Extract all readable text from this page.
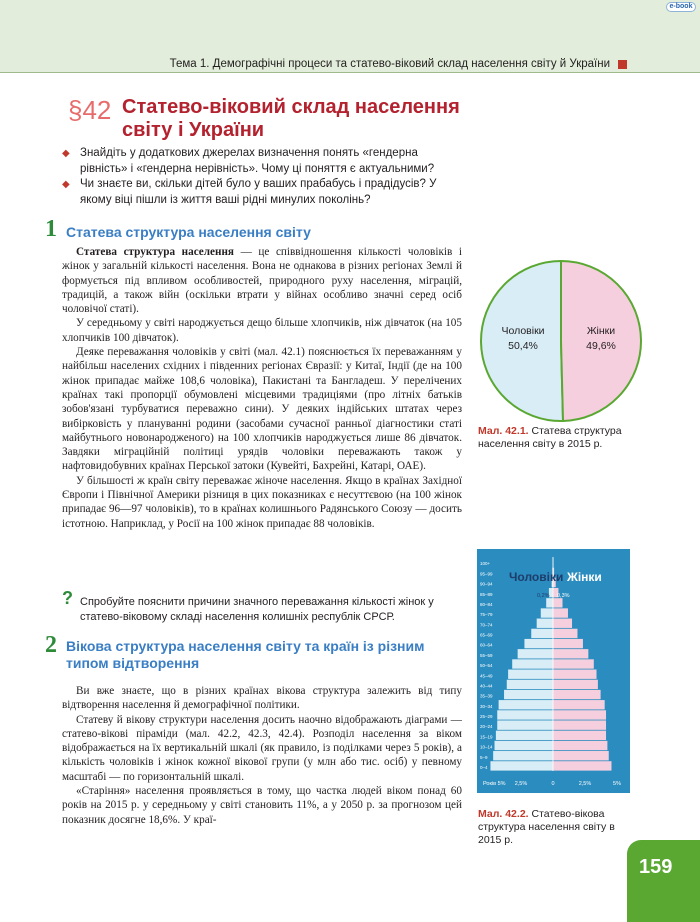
e-book
Тема 1. Демографічні процеси та статево-віковий склад населення світу й України
§42 Статево-віковий склад населення світу і України
◆ Знайдіть у додаткових джерелах визначення понять «гендерна рівність» і «гендерна нерівність». Чому ці поняття є актуальними?
◆ Чи знаєте ви, скільки дітей було у ваших прабабусь і прадідусів? У якому віці пішли із життя ваші рідні минулих поколінь?
1 Статева структура населення світу

Статева структура населення — це співвідношення кількості чоловіків і жінок у загальній кількості населення. Вона не однакова в різних регіонах Землі й формується під впливом особливостей, природного руху населення, міграцій, традицій, а також війн (оскільки втрати у війнах особливо значні серед осіб чоловічої статі).

У середньому у світі народжується дещо більше хлопчиків, ніж дівчаток (на 105 хлопчиків 100 дівчаток).

Деяке переважання чоловіків у світі (мал. 42.1) пояснюється їх переважанням у найбільш населених східних і південних регіонах Євразії: у Китаї, Індії (де на 100 жінок припадає майже 108,6 чоловіка), Пакистані та Бангладеш. У перелічених країнах такі пропорції обумовлені місцевими традиціями (про літніх батьків зобов'язані турбуватися переважно сини). У деяких індійських штатах через вибірковість у плануванні родини (засобами сучасної ранньої діагностики статі майбутнього новонародженого) на 100 хлопчиків народжується лише 86 дівчаток. Завдяки міграційній політиці урядів чоловіки переважають також у нафтовидобувних країнах Перської затоки (Кувейті, Бахрейні, Катарі, ОАЕ).

У більшості ж країн світу переважає жіноче населення. Якщо в країнах Західної Європи і Північної Америки різниця в цих показниках є несуттєвою (на 100 жінок припадає 96—97 чоловіків), то в країнах колишнього Радянського Союзу — досить істотною. Наприклад, у Росії на 100 жінок припадає 88 чоловіків.

? Спробуйте пояснити причини значного переважання кількості жінок у статево-віковому складі населення колишніх республік СРСР.
2 Вікова структура населення світу та країн із різним типом відтворення

Ви вже знаєте, що в різних країнах вікова структура залежить від типу відтворення населення й демографічної політики.

Статеву й вікову структури населення досить наочно відображають діаграми — статево-вікові піраміди (мал. 42.2, 42.3, 42.4). Розподіл населення за віком відображається на їх вертикальній шкалі (як правило, із поділками через 5 років), а кількість чоловіків і жінок кожної вікової групи (у млн або тис. осіб) у певному масштабі — по горизонтальній шкалі.

«Старіння» населення проявляється в тому, що частка людей віком понад 60 років на 2015 р. у середньому у світі становить 11%, а у 2050 р. за прогнозом цей показник досягне 18,6%. У краї-

Чоловіки
50,4%
Жінки
49,6%
Мал. 42.1. Статева структура населення світу в 2015 р.
0–4
5–9
10–14
15–19
20–24
25–29
30–34
35–39
40–44
45–49
50–54
55–59
60–64
65–69
70–74
75–79
80–84
85–89
90–94
95–99
100+
Чоловіки Жінки
0,2% 0,3%
Років 5% 2,5%	0	2,5%	5%
Мал. 42.2. Статево-вікова структура населення світу в 2015 р.
159
